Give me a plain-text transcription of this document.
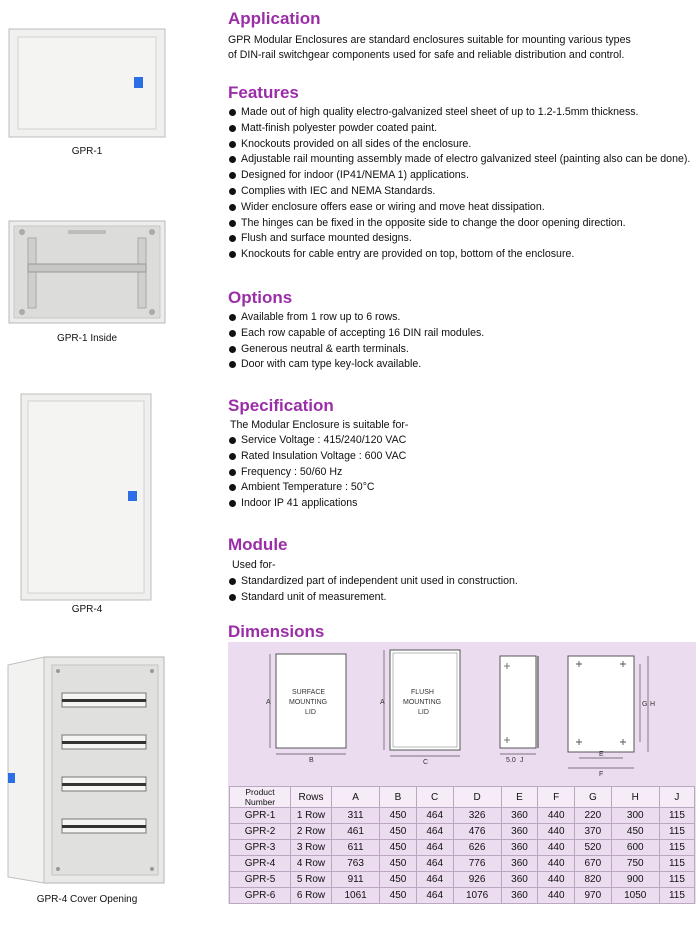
GPR-1
GPR-1 Inside
GPR-4
GPR-4 Cover Opening
Application
GPR Modular Enclosures are standard enclosures suitable for mounting various types
of DIN-rail switchgear components used for safe and reliable distribution and control.
Features
Made out of high quality electro-galvanized steel sheet of up to 1.2-1.5mm thickness.
Matt-finish polyester powder coated paint.
Knockouts provided on all sides of the enclosure.
Adjustable rail mounting assembly made of electro galvanized steel (painting also can be done).
Designed for indoor (IP41/NEMA 1) applications.
Complies with IEC and NEMA Standards.
Wider enclosure offers ease or wiring and move heat dissipation.
The hinges can be fixed in the opposite side to change the door opening direction.
Flush and surface mounted designs.
Knockouts for cable entry are provided on top, bottom of the enclosure.
Options
Available from 1 row up to 6 rows.
Each row capable of accepting 16 DIN rail modules.
Generous neutral & earth terminals.
Door with cam type key-lock available.
Specification
The Modular Enclosure is suitable for-
Service Voltage : 415/240/120 VAC
Rated Insulation Voltage : 600 VAC
Frequency : 50/60 Hz
Ambient Temperature : 50°C
Indoor IP 41 applications
Module
Used for-
Standardized part of independent unit used in construction.
Standard unit of measurement.
Dimensions
SURFACE
MOUNTING
LID
A
B
FLUSH
MOUNTING
LID
A
C	5.0 J
G H
E
F
Product Number	Rows	A	B	C	D	E	F	G	H	J
GPR-1	1 Row	311	450	464	326	360	440	220	300	115
GPR-2	2 Row	461	450	464	476	360	440	370	450	115
GPR-3	3 Row	611	450	464	626	360	440	520	600	115
GPR-4	4 Row	763	450	464	776	360	440	670	750	115
GPR-5	5 Row	911	450	464	926	360	440	820	900	115
GPR-6	6 Row	1061	450	464	1076	360	440	970	1050	115
